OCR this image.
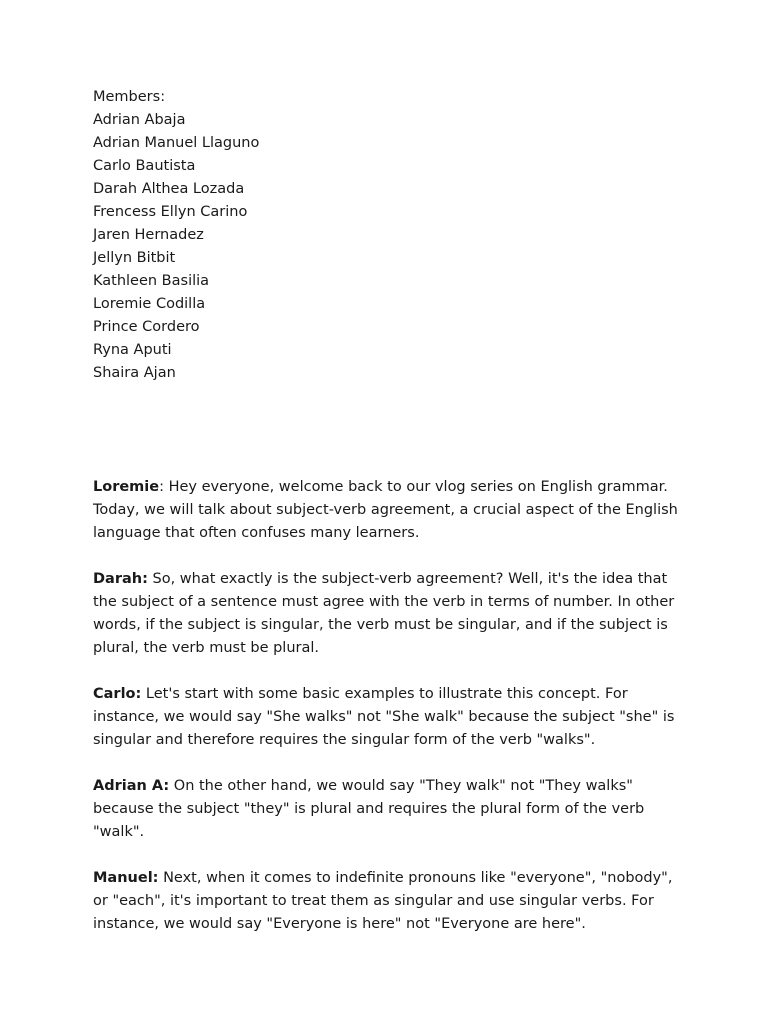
Members:
Adrian Abaja
Adrian Manuel Llaguno
Carlo Bautista
Darah Althea Lozada
Frencess Ellyn Carino
Jaren Hernadez
Jellyn Bitbit
Kathleen Basilia
Loremie Codilla
Prince Cordero
Ryna Aputi
Shaira Ajan

Loremie: Hey everyone, welcome back to our vlog series on English grammar. Today, we will talk about subject-verb agreement, a crucial aspect of the English language that often confuses many learners.

Darah: So, what exactly is the subject-verb agreement? Well, it's the idea that the subject of a sentence must agree with the verb in terms of number. In other words, if the subject is singular, the verb must be singular, and if the subject is plural, the verb must be plural.

Carlo: Let's start with some basic examples to illustrate this concept. For instance, we would say "She walks" not "She walk" because the subject "she" is singular and therefore requires the singular form of the verb "walks".

Adrian A: On the other hand, we would say "They walk" not "They walks" because the subject "they" is plural and requires the plural form of the verb "walk".

Manuel: Next, when it comes to indefinite pronouns like "everyone", "nobody", or "each", it's important to treat them as singular and use singular verbs. For instance, we would say "Everyone is here" not "Everyone are here".
